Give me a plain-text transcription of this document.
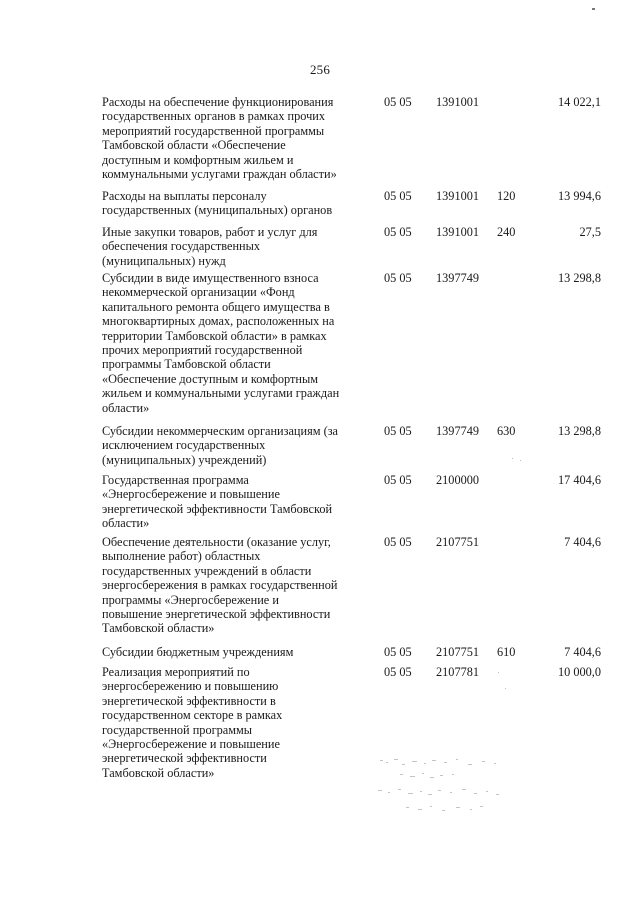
256
Расходы на обеспечение функционирования
государственных органов в рамках прочих
мероприятий государственной программы
Тамбовской области «Обеспечение
доступным и комфортным жильем и
коммунальными услугами граждан области»
05 05 1391001	14 022,1
Расходы на выплаты персоналу
государственных (муниципальных) органов
05 05 1391001 120	13 994,6
Иные закупки товаров, работ и услуг для
обеспечения государственных
(муниципальных) нужд
05 05 1391001 240	27,5
Субсидии в виде имущественного взноса
некоммерческой организации «Фонд
капитального ремонта общего имущества в
многоквартирных домах, расположенных на
территории Тамбовской области» в рамках
прочих мероприятий государственной
программы Тамбовской области
«Обеспечение доступным и комфортным
жильем и коммунальными услугами граждан
области»
05 05 1397749	13 298,8
Субсидии некоммерческим организациям (за
исключением государственных
(муниципальных) учреждений)
05 05 1397749 630	13 298,8
Государственная программа
«Энергосбережение и повышение
энергетической эффективности Тамбовской
области»
05 05 2100000	17 404,6
Обеспечение деятельности (оказание услуг,
выполнение работ) областных
государственных учреждений в области
энергосбережения в рамках государственной
программы «Энергосбережение и
повышение энергетической эффективности
Тамбовской области»
05 05 2107751	7 404,6
Субсидии бюджетным учреждениям	05 05 2107751 610	7 404,6
Реализация мероприятий по
энергосбережению и повышению
энергетической эффективности в
государственном секторе в рамках
государственной программы
«Энергосбережение и повышение
энергетической эффективности
Тамбовской области»
05 05 2107781	10 000,0
